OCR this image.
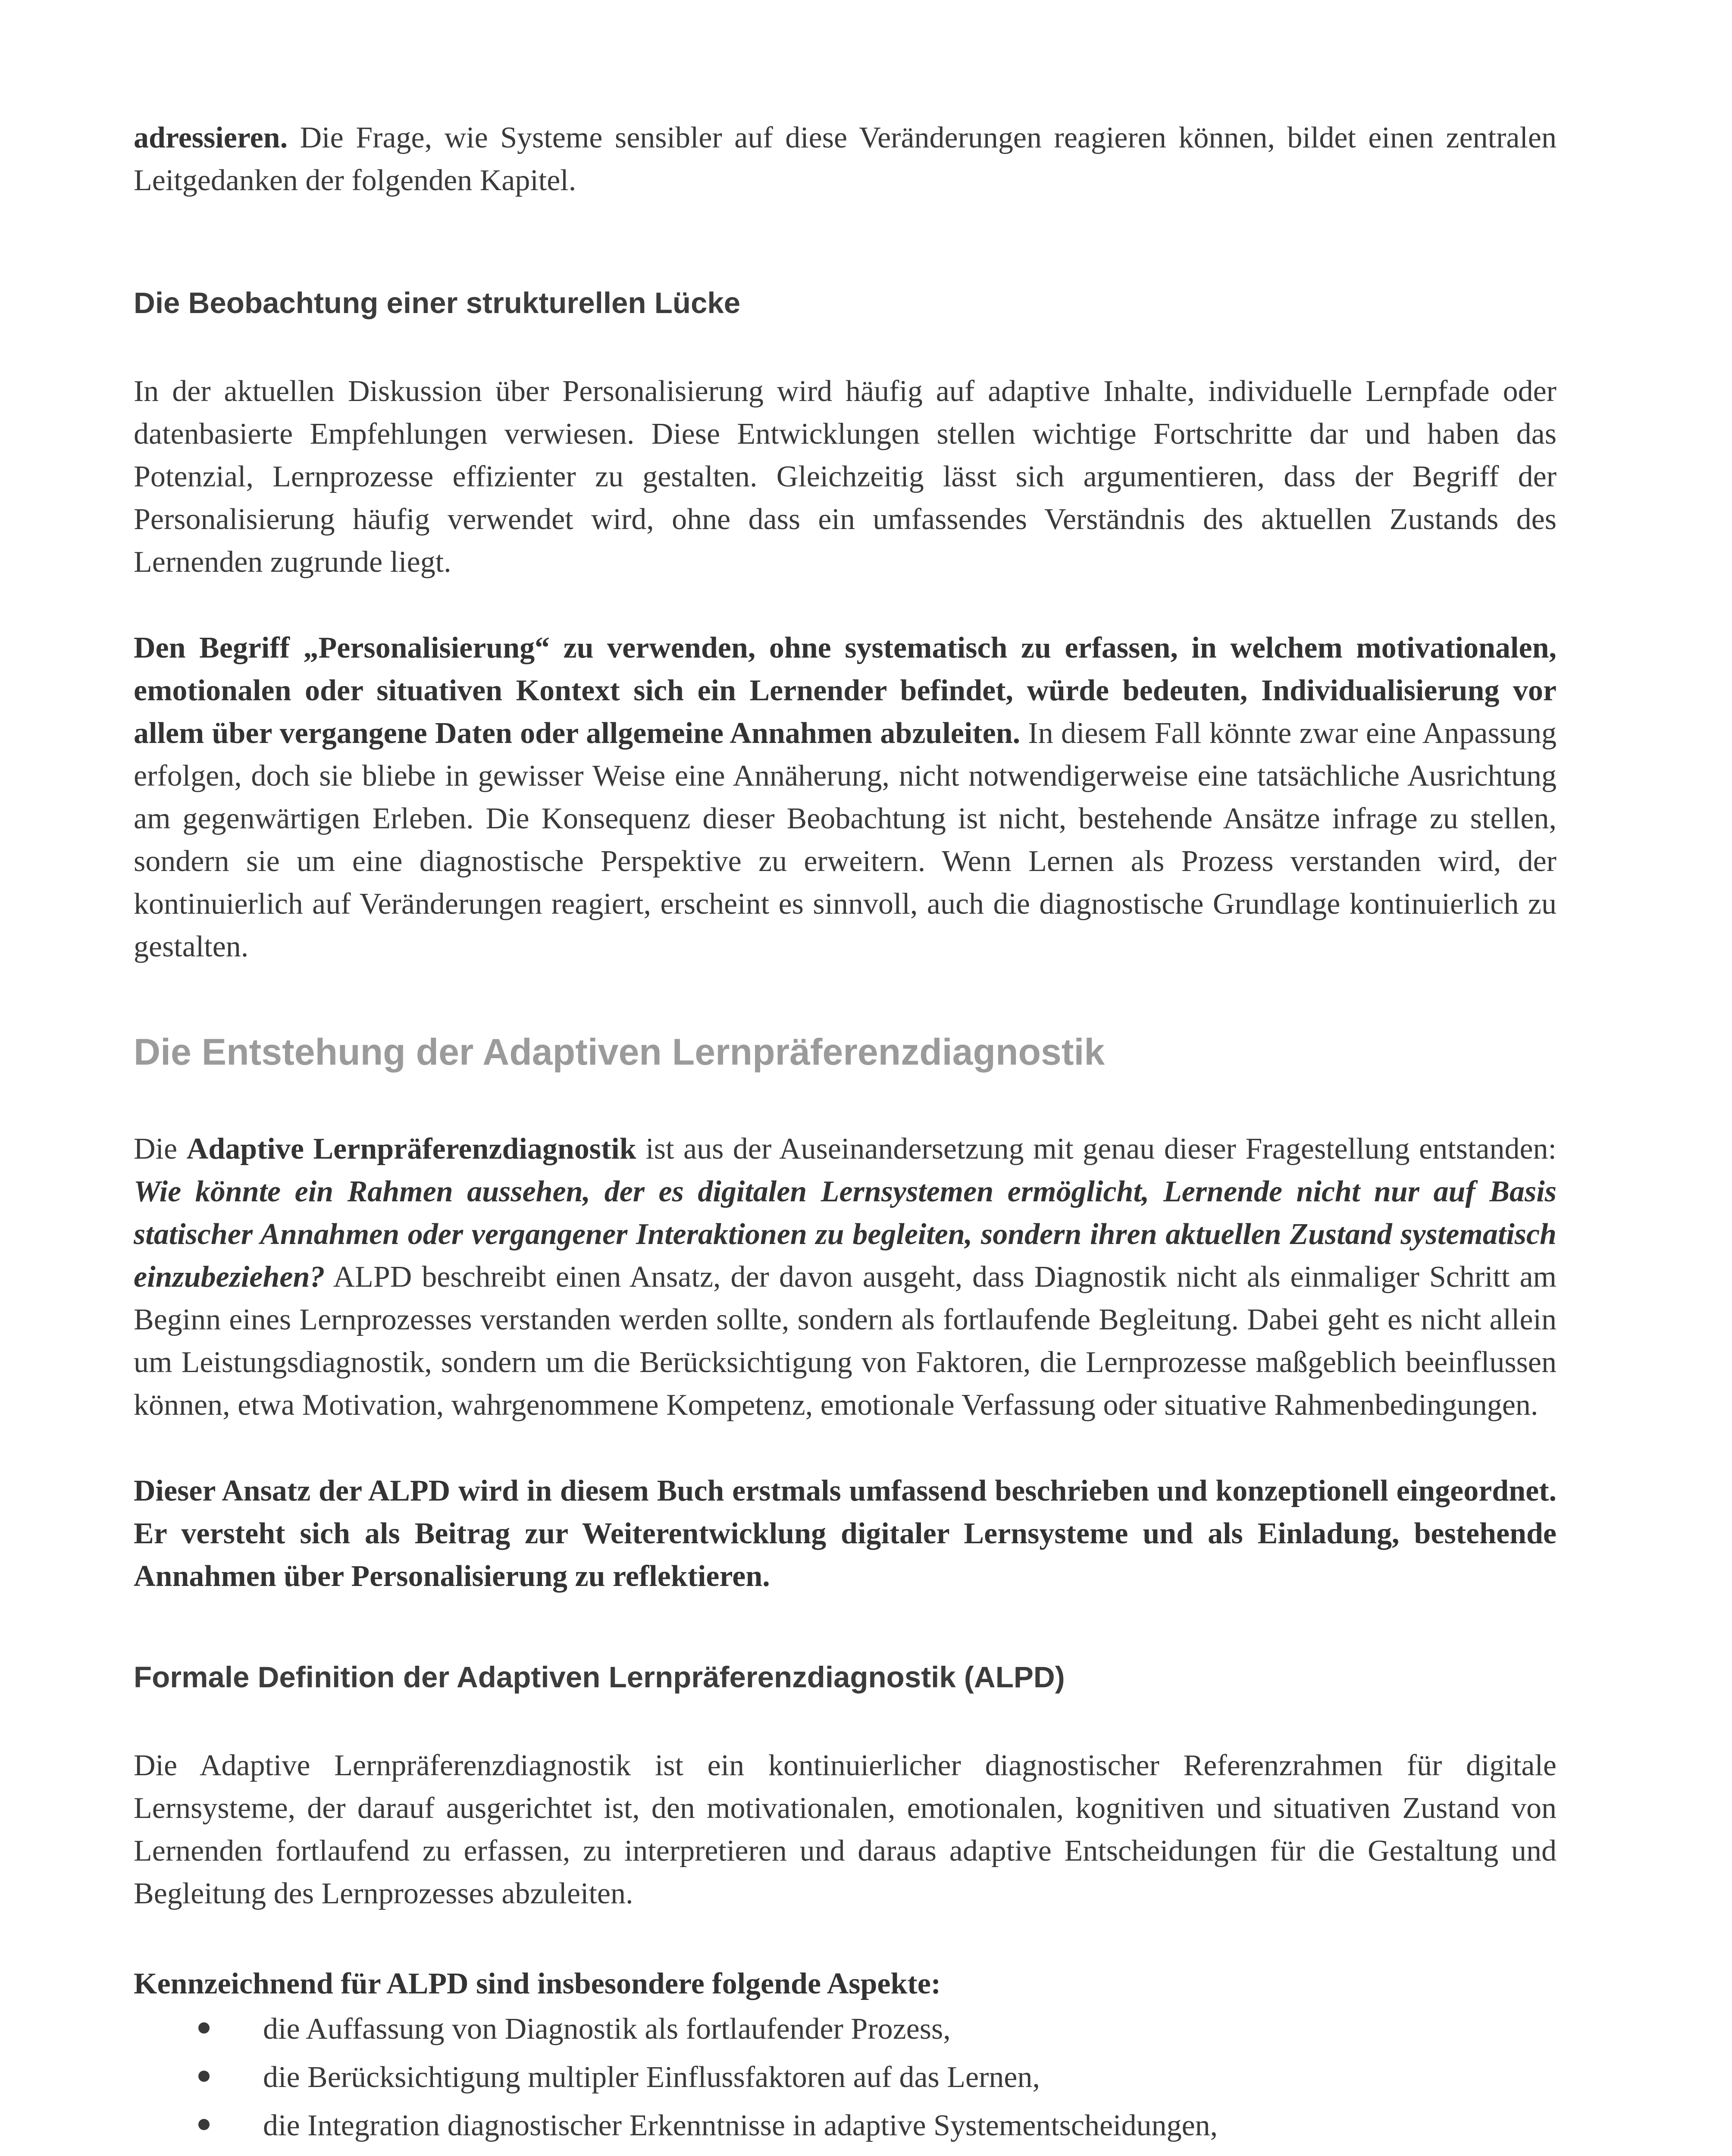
adressieren. Die Frage, wie Systeme sensibler auf diese Veränderungen reagieren können, bildet einen zentralen Leitgedanken der folgenden Kapitel.

Die Beobachtung einer strukturellen Lücke

In der aktuellen Diskussion über Personalisierung wird häufig auf adaptive Inhalte, individuelle Lernpfade oder datenbasierte Empfehlungen verwiesen. Diese Entwicklungen stellen wichtige Fortschritte dar und haben das Potenzial, Lernprozesse effizienter zu gestalten. Gleichzeitig lässt sich argumentieren, dass der Begriff der Personalisierung häufig verwendet wird, ohne dass ein umfassendes Verständnis des aktuellen Zustands des Lernenden zugrunde liegt.

Den Begriff „Personalisierung“ zu verwenden, ohne systematisch zu erfassen, in welchem motivationalen, emotionalen oder situativen Kontext sich ein Lernender befindet, würde bedeuten, Individualisierung vor allem über vergangene Daten oder allgemeine Annahmen abzuleiten. In diesem Fall könnte zwar eine Anpassung erfolgen, doch sie bliebe in gewisser Weise eine Annäherung, nicht notwendigerweise eine tatsächliche Ausrichtung am gegenwärtigen Erleben. Die Konsequenz dieser Beobachtung ist nicht, bestehende Ansätze infrage zu stellen, sondern sie um eine diagnostische Perspektive zu erweitern. Wenn Lernen als Prozess verstanden wird, der kontinuierlich auf Veränderungen reagiert, erscheint es sinnvoll, auch die diagnostische Grundlage kontinuierlich zu gestalten.

Die Entstehung der Adaptiven Lernpräferenzdiagnostik

Die Adaptive Lernpräferenzdiagnostik ist aus der Auseinandersetzung mit genau dieser Fragestellung entstanden: Wie könnte ein Rahmen aussehen, der es digitalen Lernsystemen ermöglicht, Lernende nicht nur auf Basis statischer Annahmen oder vergangener Interaktionen zu begleiten, sondern ihren aktuellen Zustand systematisch einzubeziehen? ALPD beschreibt einen Ansatz, der davon ausgeht, dass Diagnostik nicht als einmaliger Schritt am Beginn eines Lernprozesses verstanden werden sollte, sondern als fortlaufende Begleitung. Dabei geht es nicht allein um Leistungsdiagnostik, sondern um die Berücksichtigung von Faktoren, die Lernprozesse maßgeblich beeinflussen können, etwa Motivation, wahrgenommene Kompetenz, emotionale Verfassung oder situative Rahmenbedingungen.

Dieser Ansatz der ALPD wird in diesem Buch erstmals umfassend beschrieben und konzeptionell eingeordnet. Er versteht sich als Beitrag zur Weiterentwicklung digitaler Lernsysteme und als Einladung, bestehende Annahmen über Personalisierung zu reflektieren.

Formale Definition der Adaptiven Lernpräferenzdiagnostik (ALPD)

Die Adaptive Lernpräferenzdiagnostik ist ein kontinuierlicher diagnostischer Referenzrahmen für digitale Lernsysteme, der darauf ausgerichtet ist, den motivationalen, emotionalen, kognitiven und situativen Zustand von Lernenden fortlaufend zu erfassen, zu interpretieren und daraus adaptive Entscheidungen für die Gestaltung und Begleitung des Lernprozesses abzuleiten.

Kennzeichnend für ALPD sind insbesondere folgende Aspekte:

die Auffassung von Diagnostik als fortlaufender Prozess,
die Berücksichtigung multipler Einflussfaktoren auf das Lernen,
die Integration diagnostischer Erkenntnisse in adaptive Systementscheidungen,
